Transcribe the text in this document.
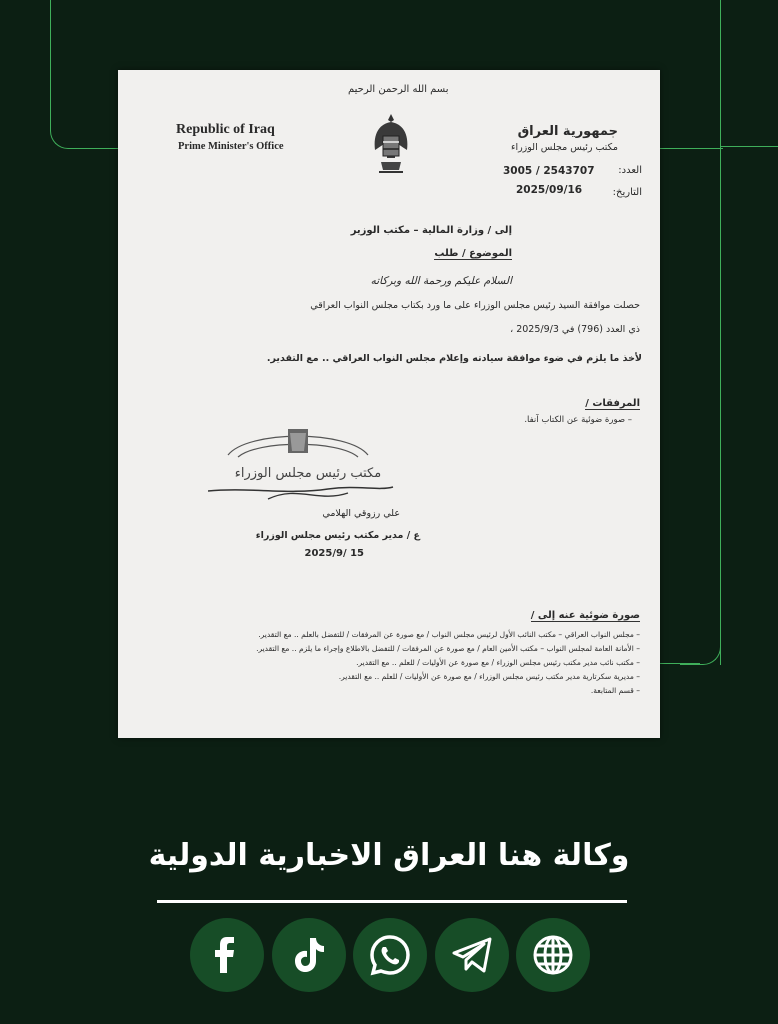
بسم الله الرحمن الرحيم
Republic of Iraq
Prime Minister's Office
جمهورية العراق
مكتب رئيس مجلس الوزراء
العدد:
3005 / 2543707
التاريخ:
2025/09/16
إلى / وزارة المالية – مكتب الوزير
الموضوع / طلب
السلام عليكم ورحمة الله وبركاته
حصلت موافقة السيد رئيس مجلس الوزراء على ما ورد بكتاب مجلس النواب العراقي
ذي العدد (796) في 2025/9/3 ،
لأخذ ما يلزم في ضوء موافقة سيادته وإعلام مجلس النواب العراقي .. مع التقدير.
المرفقات /
– صورة ضوئية عن الكتاب آنفا.
مكتب رئيس مجلس الوزراء
علي رزوقي الهلامي
ع / مدير مكتب رئيس مجلس الوزراء
2025/9/ 15
صورة ضوئية عنه إلى /
– مجلس النواب العراقي – مكتب النائب الأول لرئيس مجلس النواب / مع صورة عن المرفقات / للتفضل بالعلم .. مع التقدير.
– الأمانة العامة لمجلس النواب – مكتب الأمين العام / مع صورة عن المرفقات / للتفضل بالاطلاع وإجراء ما يلزم .. مع التقدير.
– مكتب نائب مدير مكتب رئيس مجلس الوزراء / مع صورة عن الأوليات / للعلم .. مع التقدير.
– مديرية سكرتارية مدير مكتب رئيس مجلس الوزراء / مع صورة عن الأوليات / للعلم .. مع التقدير.
– قسم المتابعة.
وكالة هنا العراق الاخبارية الدولية
